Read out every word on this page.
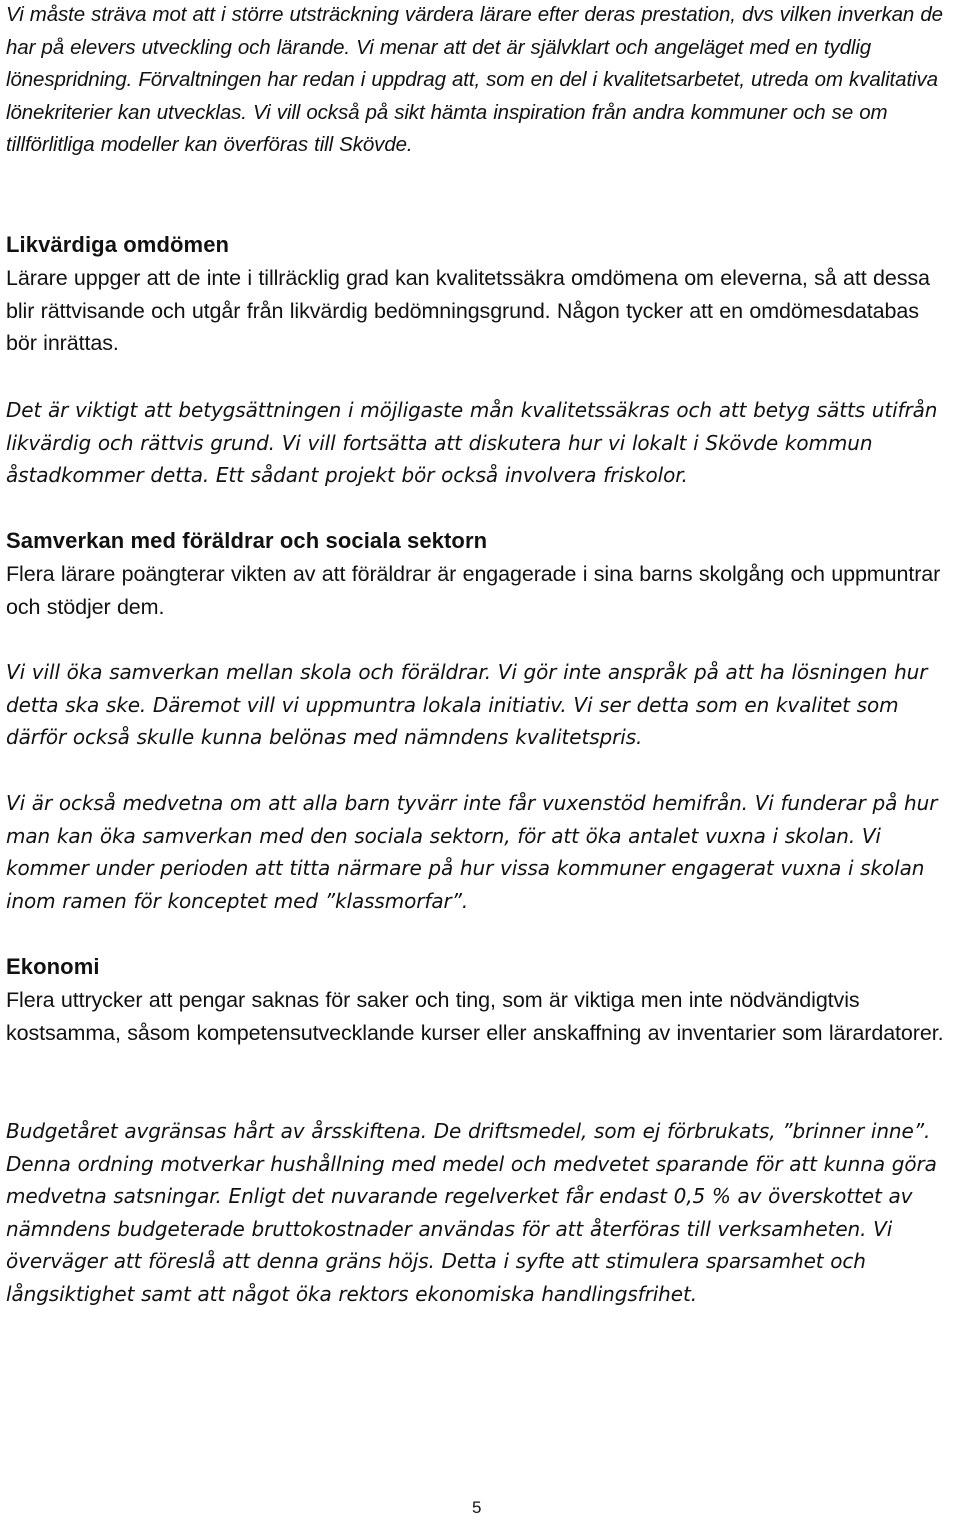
Vi måste sträva mot att i större utsträckning värdera lärare efter deras prestation, dvs vilken inverkan de har på elevers utveckling och lärande. Vi menar att det är självklart och angeläget med en tydlig lönespridning. Förvaltningen har redan i uppdrag att, som en del i kvalitetsarbetet, utreda om kvalitativa lönekriterier kan utvecklas. Vi vill också på sikt hämta inspiration från andra kommuner och se om tillförlitliga modeller kan överföras till Skövde.

Likvärdiga omdömen

Lärare uppger att de inte i tillräcklig grad kan kvalitetssäkra omdömena om eleverna, så att dessa blir rättvisande och utgår från likvärdig bedömningsgrund. Någon tycker att en omdömesdatabas bör inrättas.

Det är viktigt att betygsättningen i möjligaste mån kvalitetssäkras och att betyg sätts utifrån likvärdig och rättvis grund. Vi vill fortsätta att diskutera hur vi lokalt i Skövde kommun åstadkommer detta. Ett sådant projekt bör också involvera friskolor.

Samverkan med föräldrar och sociala sektorn

Flera lärare poängterar vikten av att föräldrar är engagerade i sina barns skolgång och uppmuntrar och stödjer dem.

Vi vill öka samverkan mellan skola och föräldrar. Vi gör inte anspråk på att ha lösningen hur detta ska ske. Däremot vill vi uppmuntra lokala initiativ. Vi ser detta som en kvalitet som därför också skulle kunna belönas med nämndens kvalitetspris.

Vi är också medvetna om att alla barn tyvärr inte får vuxenstöd hemifrån. Vi funderar på hur man kan öka samverkan med den sociala sektorn, för att öka antalet vuxna i skolan. Vi kommer under perioden att titta närmare på hur vissa kommuner engagerat vuxna i skolan inom ramen för konceptet med ”klassmorfar”.

Ekonomi

Flera uttrycker att pengar saknas för saker och ting, som är viktiga men inte nödvändigtvis kostsamma, såsom kompetensutvecklande kurser eller anskaffning av inventarier som lärardatorer.

Budgetåret avgränsas hårt av årsskiftena. De driftsmedel, som ej förbrukats, ”brinner inne”. Denna ordning motverkar hushållning med medel och medvetet sparande för att kunna göra medvetna satsningar. Enligt det nuvarande regelverket får endast 0,5 % av överskottet av nämndens budgeterade bruttokostnader användas för att återföras till verksamheten. Vi överväger att föreslå att denna gräns höjs. Detta i syfte att stimulera sparsamhet och långsiktighet samt att något öka rektors ekonomiska handlingsfrihet.

5
